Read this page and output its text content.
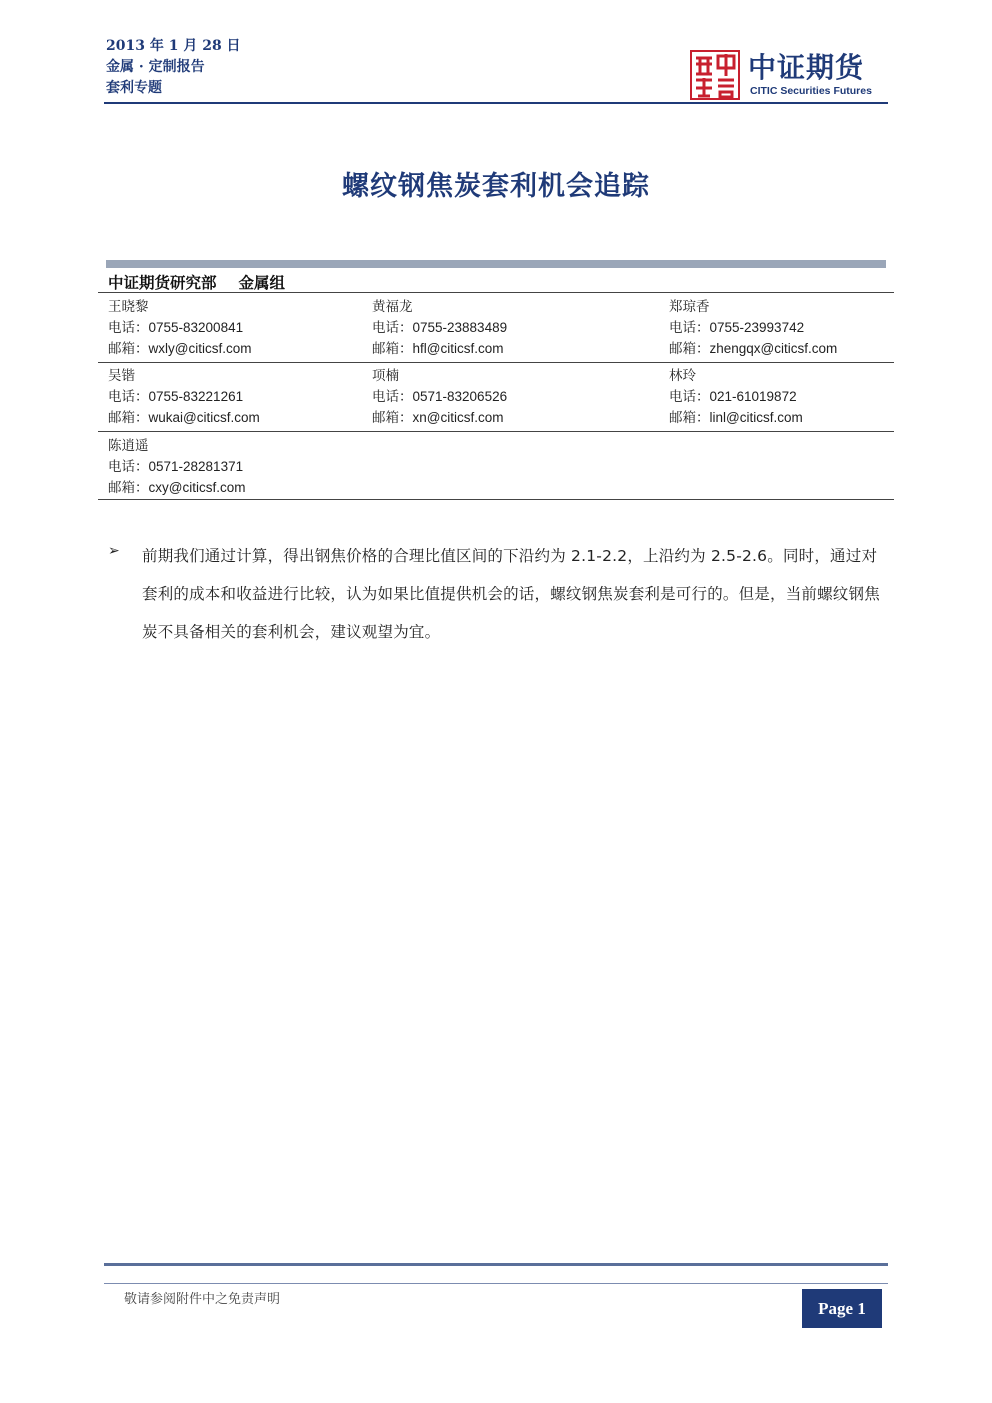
2013 年 1 月 28 日
金属 · 定制报告
套利专题
中证期货
CITIC Securities Futures
螺纹钢焦炭套利机会追踪
中证期货研究部 金属组
王晓黎
电话：0755-83200841
邮箱：wxly@citicsf.com
黄福龙
电话：0755-23883489
邮箱：hfl@citicsf.com
郑琼香
电话：0755-23993742
邮箱：zhengqx@citicsf.com
吴锴
电话：0755-83221261
邮箱：wukai@citicsf.com
项楠
电话：0571-83206526
邮箱：xn@citicsf.com
林玲
电话：021-61019872
邮箱：linl@citicsf.com
陈逍遥
电话：0571-28281371
邮箱：cxy@citicsf.com
➢ 前期我们通过计算，得出钢焦价格的合理比值区间的下沿约为 2.1-2.2，上沿约为 2.5-2.6。同时，通过对套利的成本和收益进行比较，认为如果比值提供机会的话，螺纹钢焦炭套利是可行的。但是，当前螺纹钢焦炭不具备相关的套利机会，建议观望为宜。
敬请参阅附件中之免责声明	Page 1
